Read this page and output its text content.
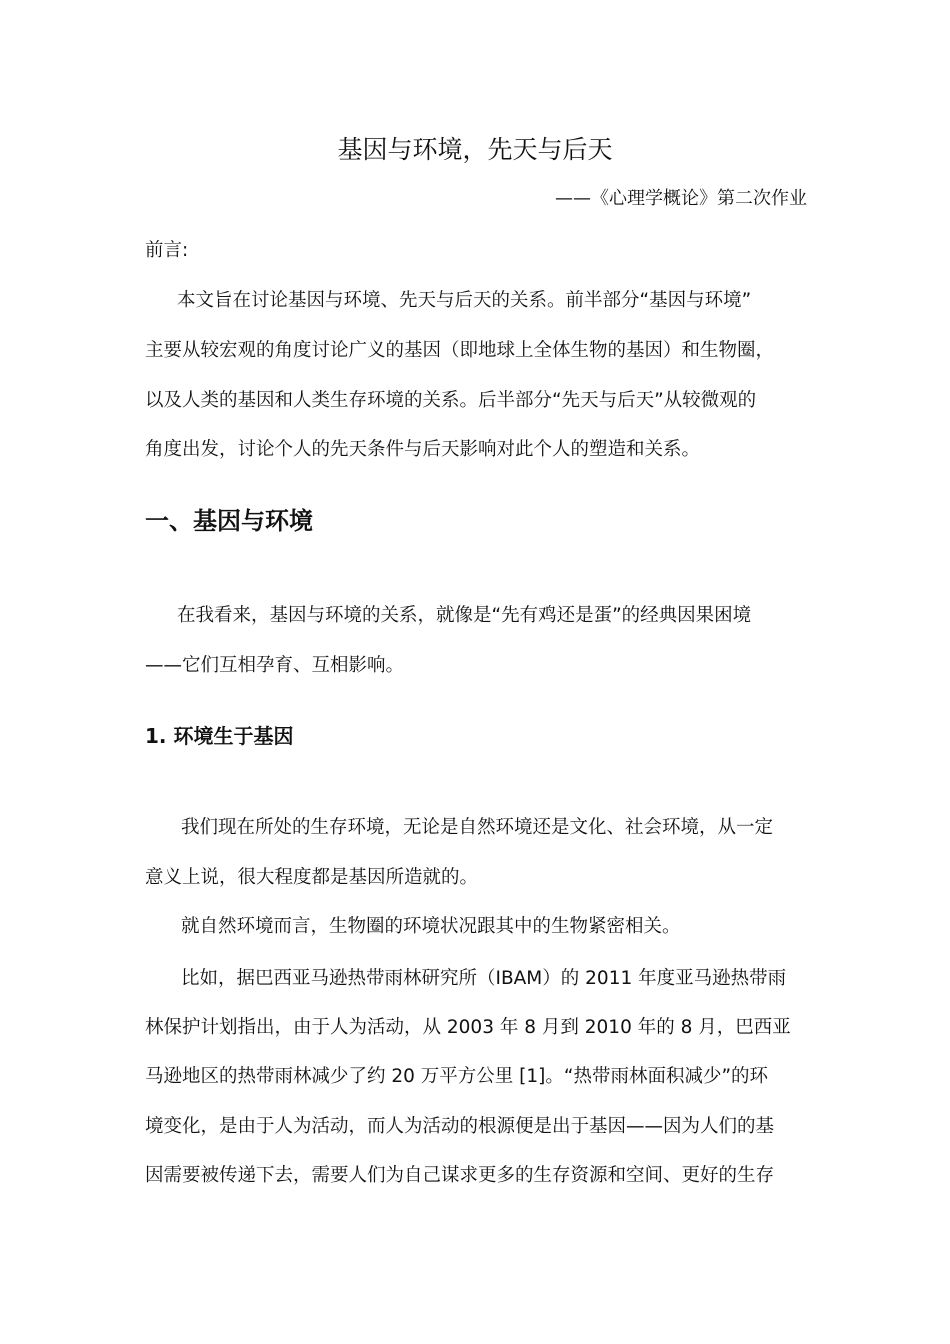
基因与环境，先天与后天
——《心理学概论》第二次作业
前言:
本文旨在讨论基因与环境、先天与后天的关系。前半部分“基因与环境”
主要从较宏观的角度讨论广义的基因（即地球上全体生物的基因）和生物圈，
以及人类的基因和人类生存环境的关系。后半部分“先天与后天”从较微观的
角度出发，讨论个人的先天条件与后天影响对此个人的塑造和关系。
一、基因与环境
在我看来，基因与环境的关系，就像是“先有鸡还是蛋”的经典因果困境
——它们互相孕育、互相影响。
1. 环境生于基因
我们现在所处的生存环境，无论是自然环境还是文化、社会环境，从一定
意义上说，很大程度都是基因所造就的。
就自然环境而言，生物圈的环境状况跟其中的生物紧密相关。
比如，据巴西亚马逊热带雨林研究所（IBAM）的 2011 年度亚马逊热带雨
林保护计划指出，由于人为活动，从 2003 年 8 月到 2010 年的 8 月，巴西亚
马逊地区的热带雨林减少了约 20 万平方公里 [1]。“热带雨林面积减少”的环
境变化，是由于人为活动，而人为活动的根源便是出于基因——因为人们的基
因需要被传递下去，需要人们为自己谋求更多的生存资源和空间、更好的生存
